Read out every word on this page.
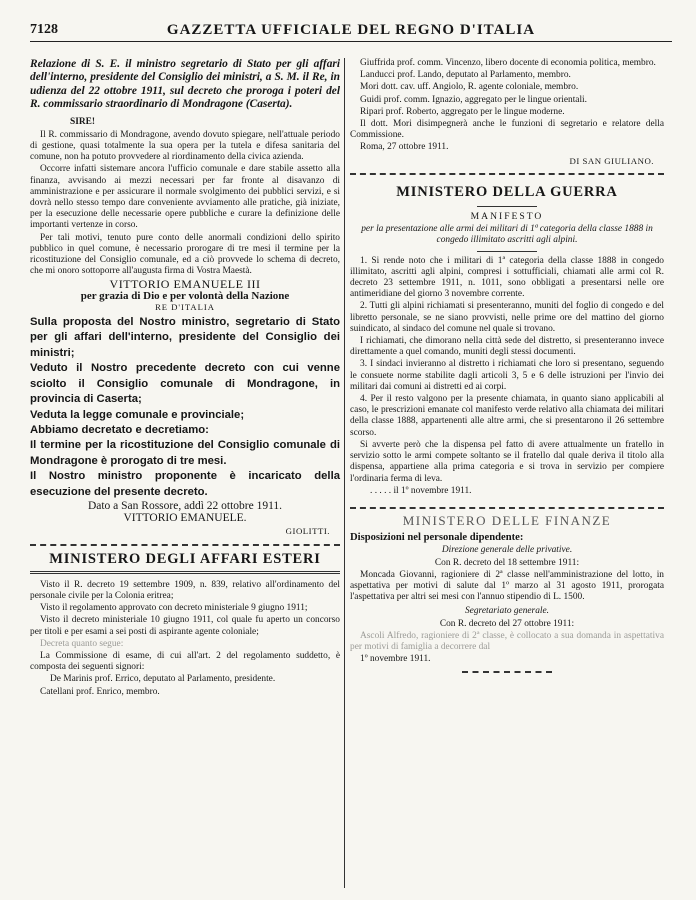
7128	GAZZETTA UFFICIALE DEL REGNO D'ITALIA

Relazione di S. E. il ministro segretario di Stato per gli affari dell'interno, presidente del Consiglio dei ministri, a S. M. il Re, in udienza del 22 ottobre 1911, sul decreto che proroga i poteri del R. commissario straordinario di Mondragone (Caserta).

SIRE!

Il R. commissario di Mondragone, avendo dovuto spiegare, nell'attuale periodo di gestione, quasi totalmente la sua opera per la tutela e difesa sanitaria del comune, non ha potuto provvedere al riordinamento della civica azienda.

Occorre infatti sistemare ancora l'ufficio comunale e dare stabile assetto alla finanza, avvisando ai mezzi necessari per far fronte al disavanzo di amministrazione e per assicurare il normale svolgimento dei pubblici servizi, e si dovrà nello stesso tempo dare conveniente avviamento alle pratiche, già iniziate, per la esecuzione delle necessarie opere pubbliche e curare la definizione delle importanti vertenze in corso.

Per tali motivi, tenuto pure conto delle anormali condizioni dello spirito pubblico in quel comune, è necessario prorogare di tre mesi il termine per la ricostituzione del Consiglio comunale, ed a ciò provvede lo schema di decreto, che mi onoro sottoporre all'augusta firma di Vostra Maestà.

VITTORIO EMANUELE III
per grazia di Dio e per volontà della Nazione
RE D'ITALIA

Sulla proposta del Nostro ministro, segretario di Stato per gli affari dell'interno, presidente del Consiglio dei ministri;

Veduto il Nostro precedente decreto con cui venne sciolto il Consiglio comunale di Mondragone, in provincia di Caserta;

Veduta la legge comunale e provinciale;

Abbiamo decretato e decretiamo:

Il termine per la ricostituzione del Consiglio comunale di Mondragone è prorogato di tre mesi.

Il Nostro ministro proponente è incaricato della esecuzione del presente decreto.

Dato a San Rossore, addì 22 ottobre 1911.
VITTORIO EMANUELE.
GIOLITTI.
MINISTERO DEGLI AFFARI ESTERI

Visto il R. decreto 19 settembre 1909, n. 839, relativo all'ordinamento del personale civile per la Colonia eritrea;

Visto il regolamento approvato con decreto ministeriale 9 giugno 1911;

Visto il decreto ministeriale 10 giugno 1911, col quale fu aperto un concorso per titoli e per esami a sei posti di aspirante agente coloniale;

Decreta quanto segue:

La Commissione di esame, di cui all'art. 2 del regolamento suddetto, è composta dei seguenti signori:

De Marinis prof. Errico, deputato al Parlamento, presidente.

Catellani prof. Enrico, membro.

Giuffrida prof. comm. Vincenzo, libero docente di economia politica, membro.

Landucci prof. Lando, deputato al Parlamento, membro.

Mori dott. cav. uff. Angiolo, R. agente coloniale, membro.

Guidi prof. comm. Ignazio, aggregato per le lingue orientali.

Ripari prof. Roberto, aggregato per le lingue moderne.

Il dott. Mori disimpegnerà anche le funzioni di segretario e relatore della Commissione.

Roma, 27 ottobre 1911.

DI SAN GIULIANO.
MINISTERO DELLA GUERRA
MANIFESTO

per la presentazione alle armi dei militari di 1ª categoria della classe 1888 in congedo illimitato ascritti agli alpini.

1. Si rende noto che i militari di 1ª categoria della classe 1888 in congedo illimitato, ascritti agli alpini, compresi i sottufficiali, chiamati alle armi col R. decreto 23 settembre 1911, n. 1011, sono obbligati a presentarsi nelle ore antimeridiane del giorno 3 novembre corrente.

2. Tutti gli alpini richiamati si presenteranno, muniti del foglio di congedo e del libretto personale, se ne siano provvisti, nelle prime ore del mattino del giorno suindicato, al sindaco del comune nel quale si trovano.

I richiamati, che dimorano nella città sede del distretto, si presenteranno invece direttamente a quel comando, muniti degli stessi documenti.

3. I sindaci invieranno al distretto i richiamati che loro si presentano, seguendo le consuete norme stabilite dagli articoli 3, 5 e 6 delle istruzioni per l'invio dei militari dai comuni ai distretti ed ai corpi.

4. Per il resto valgono per la presente chiamata, in quanto siano applicabili al caso, le prescrizioni emanate col manifesto verde relativo alla chiamata dei militari della classe 1888, appartenenti alle altre armi, che si presentarono il 26 settembre scorso.

Si avverte però che la dispensa pel fatto di avere attualmente un fratello in servizio sotto le armi compete soltanto se il fratello dal quale deriva il titolo alla dispensa, appartiene alla prima categoria e si trova in servizio per compiere l'ordinaria ferma di leva.

. . . . . il 1º novembre 1911.

MINISTERO DELLE FINANZE
Disposizioni nel personale dipendente:

Direzione generale delle privative.

Con R. decreto del 18 settembre 1911:

Moncada Giovanni, ragioniere di 2ª classe nell'amministrazione del lotto, in aspettativa per motivi di salute dal 1º marzo al 31 agosto 1911, prorogata l'aspettativa per altri sei mesi con l'annuo stipendio di L. 1500.

Segretariato generale.

Con R. decreto del 27 ottobre 1911:

Ascoli Alfredo, ragioniere di 2ª classe, è collocato a sua domanda in aspettativa per motivi di famiglia a decorrere dal

1º novembre 1911.
